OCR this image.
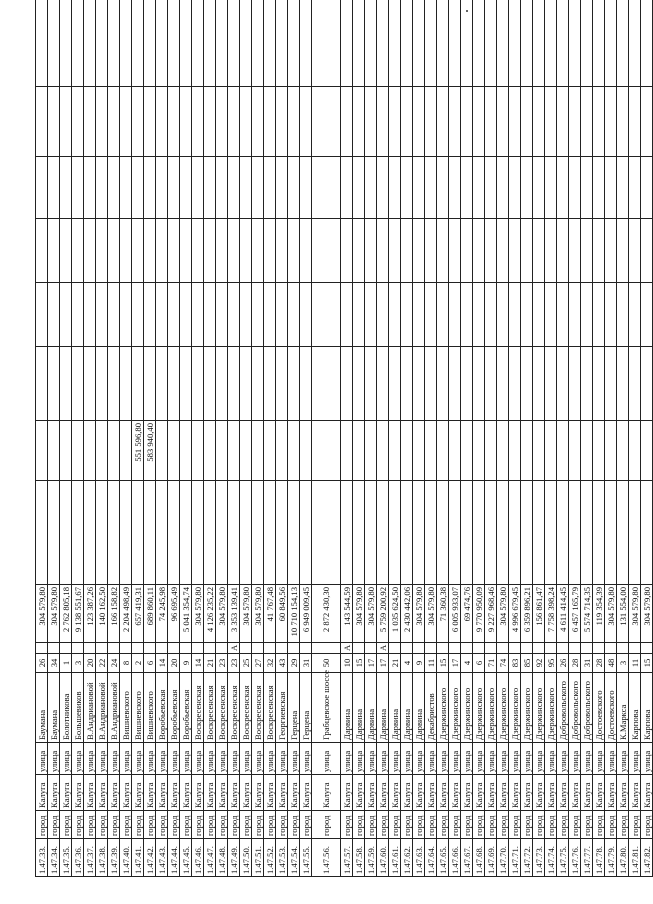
1.47.33.	город	Калуга	улица	Баумана	26		304 579,80								
1.47.34.	город	Калуга	улица	Баумана	34		304 579,80								
1.47.35.	город	Калуга	улица	Болотникова	1		2 762 805,18								
1.47.36.	город	Калуга	улица	Большевиков	3		9 138 551,67								
1.47.37.	город	Калуга	улица	В.Андриановой	20		123 387,26								
1.47.38.	город	Калуга	улица	В.Андриановой	22		140 162,50								
1.47.39.	город	Калуга	улица	В.Андриановой	24		166 158,82								
1.47.40.	город	Калуга	улица	Вишневского	8		2 204 498,49								
1.47.41.	город	Калуга	улица	Вишневского	2		657 419,31		551 596,80						
1.47.42.	город	Калуга	улица	Вишневского	6		689 860,11		583 940,40						
1.47.43.	город	Калуга	улица	Воробьевская	14		74 245,98								
1.47.44.	город	Калуга	улица	Воробьевская	20		96 695,49								
1.47.45.	город	Калуга	улица	Воробьевская	9		5 041 354,74								
1.47.46.	город	Калуга	улица	Воскресенская	14		304 579,80								
1.47.47.	город	Калуга	улица	Воскресенская	21		4 126 235,22								
1.47.48.	город	Калуга	улица	Воскресенская	23		304 579,80								
1.47.49.	город	Калуга	улица	Воскресенская	23	А	3 353 139,41								
1.47.50.	город	Калуга	улица	Воскресенская	25		304 579,80								
1.47.51.	город	Калуга	улица	Воскресенская	27		304 579,80								
1.47.52.	город	Калуга	улица	Воскресенская	32		41 767,48								
1.47.53.	город	Калуга	улица	Георгиевская	43		60 849,56								
1.47.54.	город	Калуга	улица	Герцена	29		10 710 154,13								
1.47.55.	город	Калуга	улица	Герцена	31		6 949 009,45								
1.47.56.	город	Калуга	улица	Грабцевское шоссе	50		2 872 430,30								
1.47.57.	город	Калуга	улица	Дарвина	10	А	143 544,59								
1.47.58.	город	Калуга	улица	Дарвина	15		304 579,80								
1.47.59.	город	Калуга	улица	Дарвина	17		304 579,80								
1.47.60.	город	Калуга	улица	Дарвина	17	А	5 759 200,92								
1.47.61.	город	Калуга	улица	Дарвина	21		1 035 624,50								
1.47.62.	город	Калуга	улица	Дарвина	4		2 430 442,06								
1.47.63.	город	Калуга	улица	Дарвина	9		304 579,80								
1.47.64.	город	Калуга	улица	Декабристов	11		304 579,80								
1.47.65.	город	Калуга	улица	Дзержинского	15		71 360,38								
1.47.66.	город	Калуга	улица	Дзержинского	17		6 005 933,07								
1.47.67.	город	Калуга	улица	Дзержинского	4		69 474,76								
1.47.68.	город	Калуга	улица	Дзержинского	6		9 770 950,09								
1.47.69.	город	Калуга	улица	Дзержинского	71		9 227 968,46								
1.47.70.	город	Калуга	улица	Дзержинского	74		304 579,80								
1.47.71.	город	Калуга	улица	Дзержинского	83		4 996 679,45								
1.47.72.	город	Калуга	улица	Дзержинского	85		6 359 896,21								
1.47.73.	город	Калуга	улица	Дзержинского	92		156 861,47								
1.47.74.	город	Калуга	улица	Дзержинского	95		7 758 398,24								
1.47.75.	город	Калуга	улица	Добровольского	26		4 611 414,45								
1.47.76.	город	Калуга	улица	Добровольского	28		6 457 165,79								
1.47.77.	город	Калуга	улица	Добровольского	31		5 574 714,35								
1.47.78.	город	Калуга	улица	Достоевского	28		119 354,39								
1.47.79.	город	Калуга	улица	Достоевского	48		304 579,80								
1.47.80.	город	Калуга	улица	К.Маркса	3		131 554,00								
1.47.81.	город	Калуга	улица	Карпова	11		304 579,80								
1.47.82.	город	Калуга	улица	Карпова	15		304 579,80								
